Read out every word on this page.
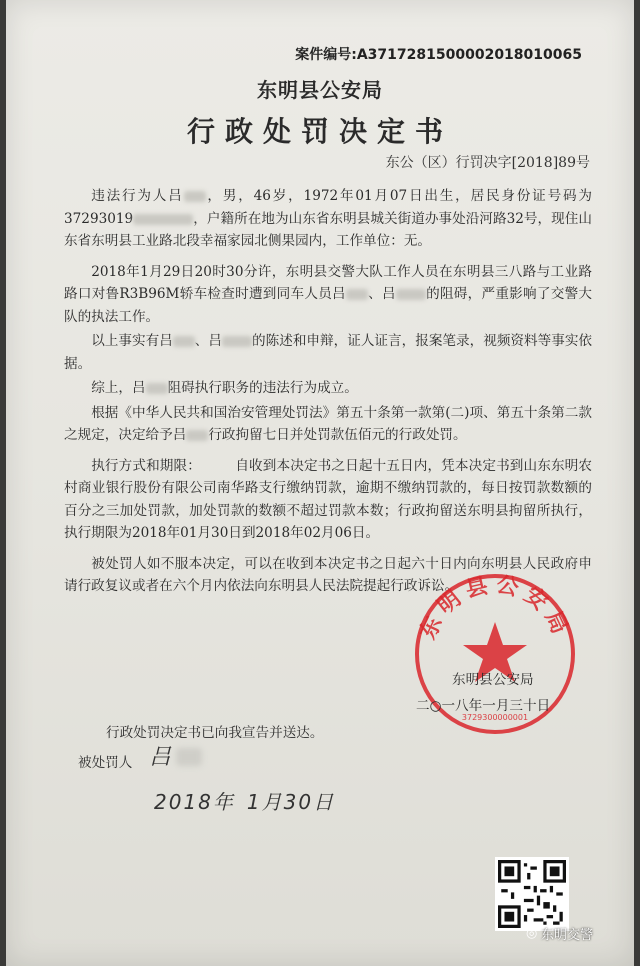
案件编号:A3717281500002018010065
东明县公安局
行政处罚决定书
东公（区）行罚决字[2018]89号

违法行为人吕 ，男，46岁，1972年01月07日出生，居民身份证号码为37293019	，户籍所在地为山东省东明县城关街道办事处沿河路32号，现住山东省东明县工业路北段幸福家园北侧果园内，工作单位：无。

2018年1月29日20时30分许，东明县交警大队工作人员在东明县三八路与工业路路口对鲁R3B96M轿车检查时遭到同车人员吕 、吕 的阻碍，严重影响了交警大队的执法工作。

以上事实有吕 、吕 的陈述和申辩，证人证言，报案笔录，视频资料等事实依据。

综上，吕 阻碍执行职务的违法行为成立。

根据《中华人民共和国治安管理处罚法》第五十条第一款第(二)项、第五十条第二款之规定，决定给予吕 行政拘留七日并处罚款伍佰元的行政处罚。

执行方式和期限：　　　自收到本决定书之日起十五日内，凭本决定书到山东东明农村商业银行股份有限公司南华路支行缴纳罚款，逾期不缴纳罚款的，每日按罚款数额的百分之三加处罚款，加处罚款的数额不超过罚款本数；行政拘留送东明县拘留所执行，执行期限为2018年01月30日到2018年02月06日。

被处罚人如不服本决定，可以在收到本决定书之日起六十日内向东明县人民政府申请行政复议或者在六个月内依法向东明县人民法院提起行政诉讼。

东明县公安局
3729300000001
东明县公安局
二○一八年一月三十日
行政处罚决定书已向我宣告并送达。
被处罚人 吕
2018年 1月30日
◎ 东明交警
